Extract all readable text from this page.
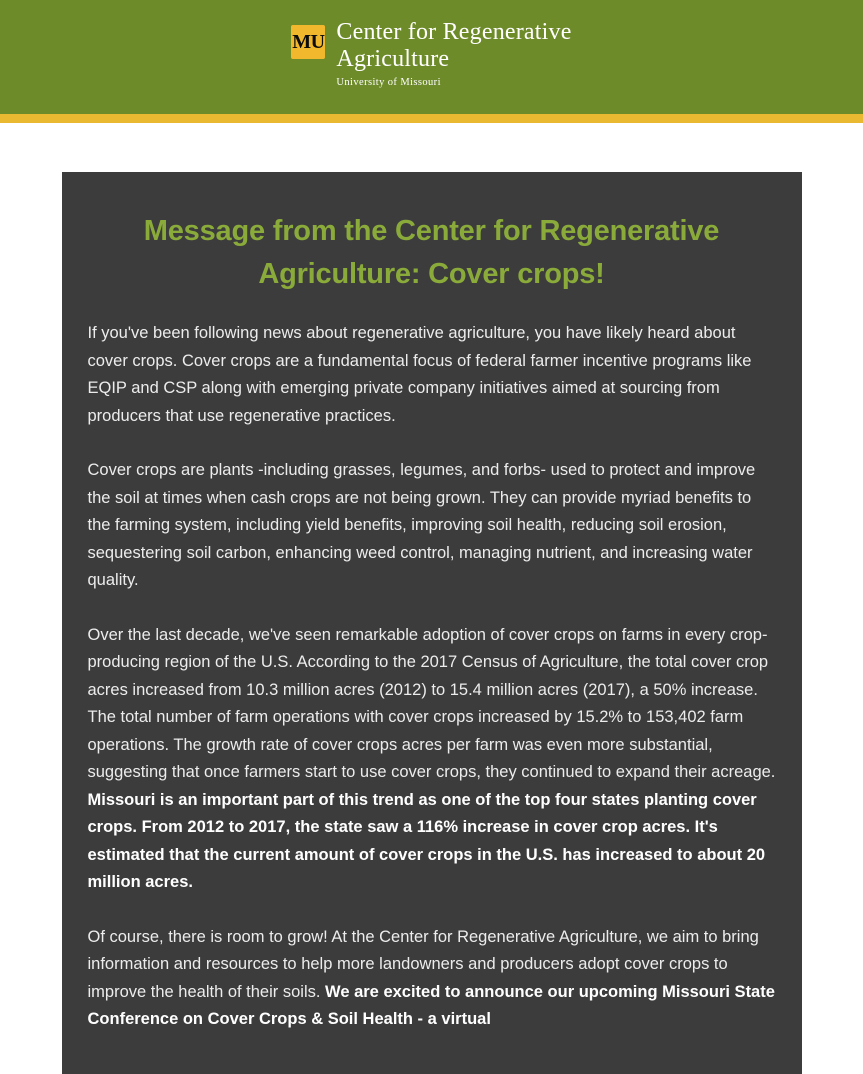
MU Center for Regenerative
Agriculture
University of Missouri
Message from the Center for Regenerative Agriculture: Cover crops!

If you've been following news about regenerative agriculture, you have likely heard about cover crops. Cover crops are a fundamental focus of federal farmer incentive programs like EQIP and CSP along with emerging private company initiatives aimed at sourcing from producers that use regenerative practices.

Cover crops are plants -including grasses, legumes, and forbs- used to protect and improve the soil at times when cash crops are not being grown. They can provide myriad benefits to the farming system, including yield benefits, improving soil health, reducing soil erosion, sequestering soil carbon, enhancing weed control, managing nutrient, and increasing water quality.

Over the last decade, we've seen remarkable adoption of cover crops on farms in every crop-producing region of the U.S. According to the 2017 Census of Agriculture, the total cover crop acres increased from 10.3 million acres (2012) to 15.4 million acres (2017), a 50% increase. The total number of farm operations with cover crops increased by 15.2% to 153,402 farm operations. The growth rate of cover crops acres per farm was even more substantial, suggesting that once farmers start to use cover crops, they continued to expand their acreage. Missouri is an important part of this trend as one of the top four states planting cover crops. From 2012 to 2017, the state saw a 116% increase in cover crop acres. It's estimated that the current amount of cover crops in the U.S. has increased to about 20 million acres.

Of course, there is room to grow! At the Center for Regenerative Agriculture, we aim to bring information and resources to help more landowners and producers adopt cover crops to improve the health of their soils. We are excited to announce our upcoming Missouri State Conference on Cover Crops & Soil Health - a virtual
